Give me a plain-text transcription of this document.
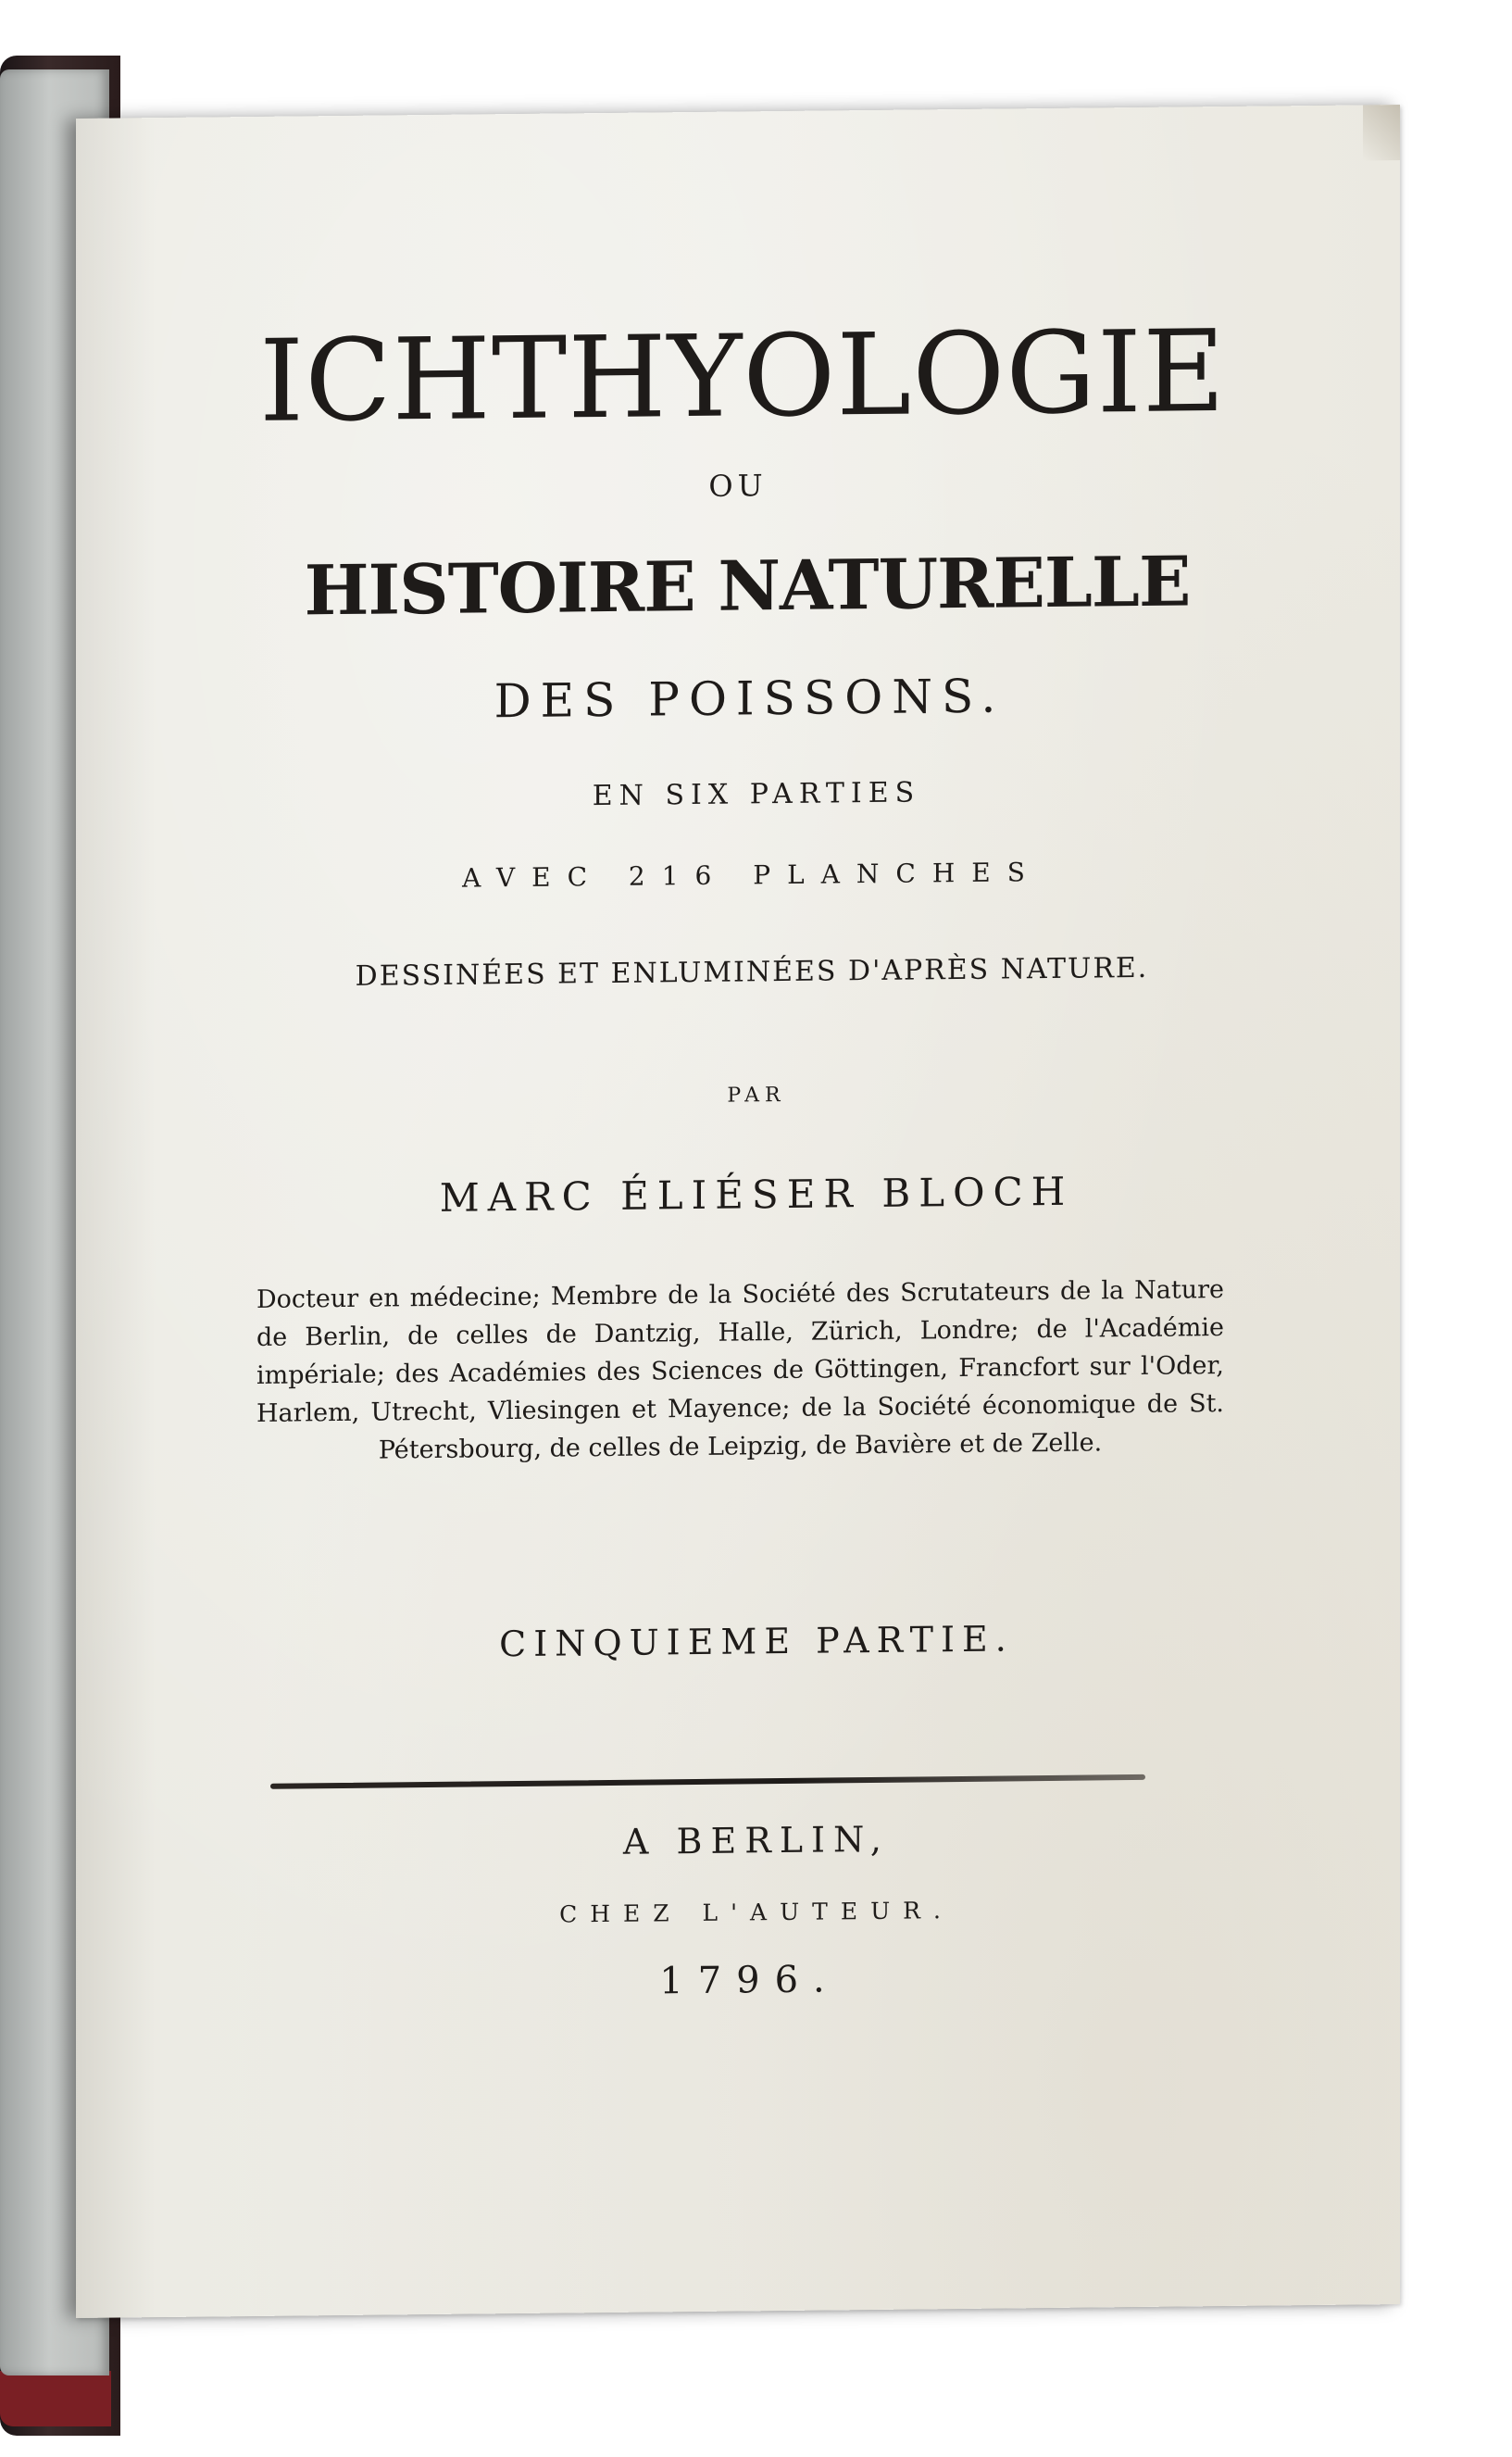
ICHTHYOLOGIE

OU

HISTOIRE NATURELLE

DES POISSONS.

EN SIX PARTIES

AVEC 216 PLANCHES

DESSINÉES ET ENLUMINÉES D'APRÈS NATURE.

PAR

MARC ÉLIÉSER BLOCH

Docteur en médecine; Membre de la Société des Scrutateurs de la Nature de Berlin, de celles de Dantzig, Halle, Zürich, Londre; de l'Académie impériale; des Académies des Sciences de Göttingen, Francfort sur l'Oder, Harlem, Utrecht, Vliesingen et Mayence; de la Société économique de St. Pétersbourg, de celles de Leipzig, de Bavière et de Zelle.

CINQUIEME PARTIE.

A BERLIN,

CHEZ L'AUTEUR.

1796.
